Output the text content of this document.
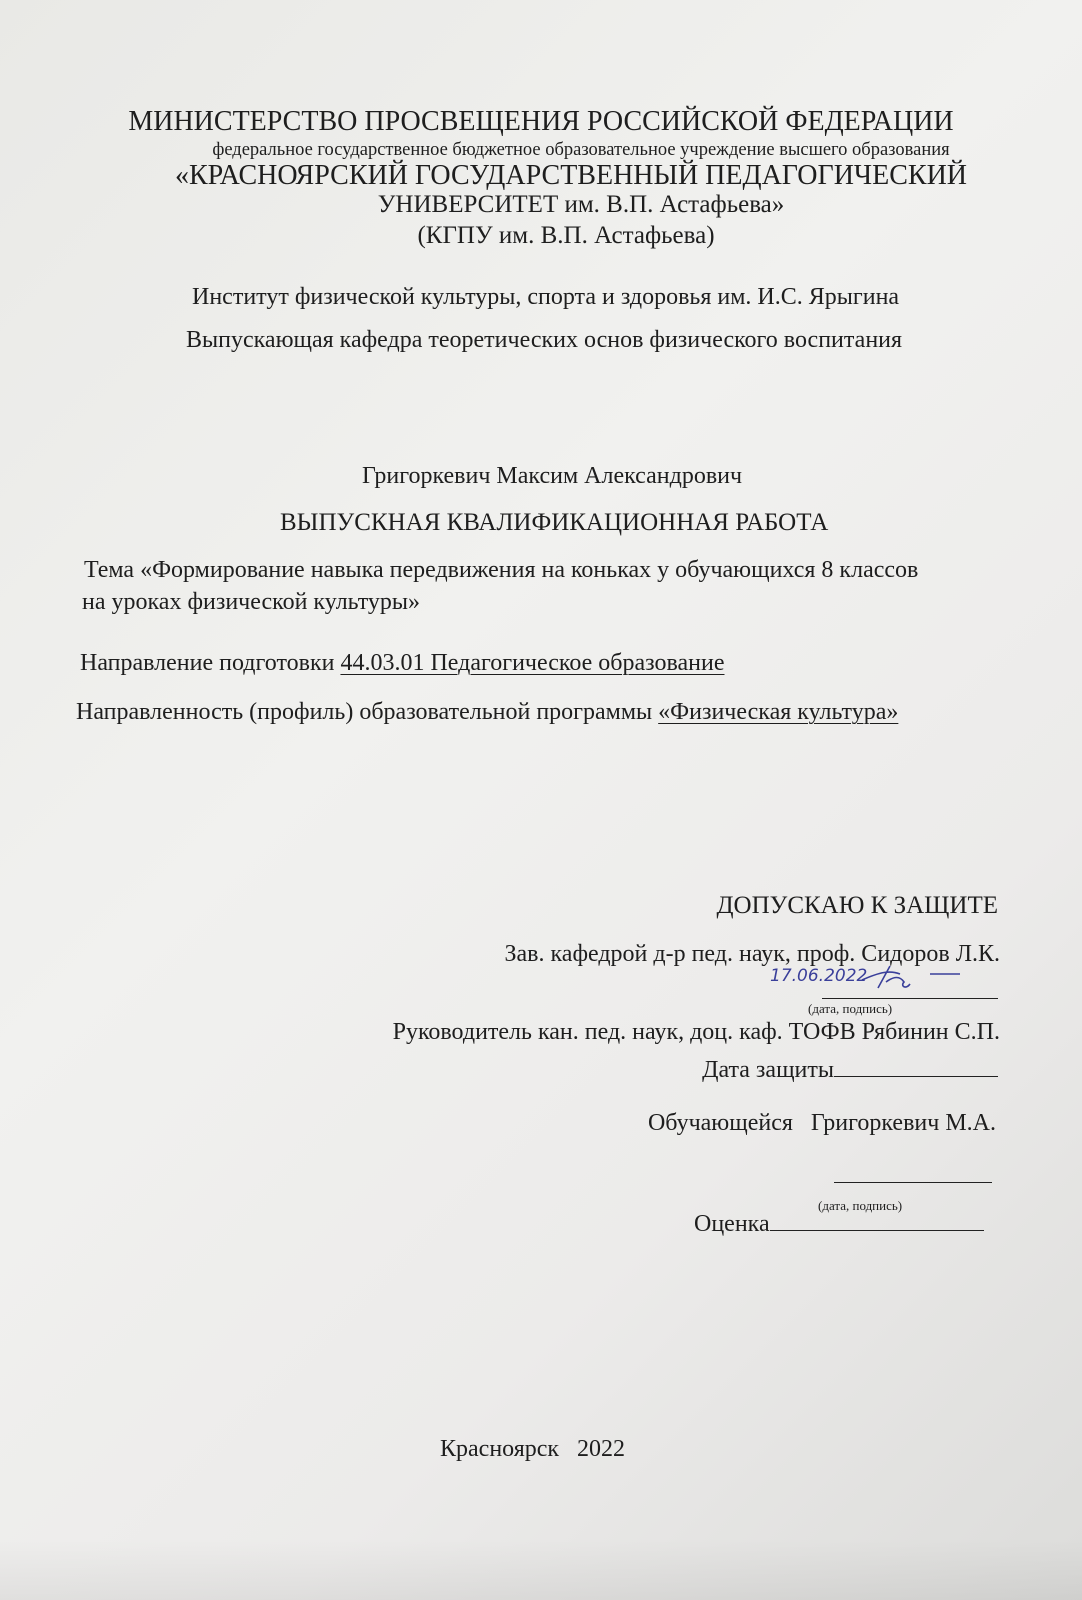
МИНИСТЕРСТВО ПРОСВЕЩЕНИЯ РОССИЙСКОЙ ФЕДЕРАЦИИ
федеральное государственное бюджетное образовательное учреждение высшего образования
«КРАСНОЯРСКИЙ ГОСУДАРСТВЕННЫЙ ПЕДАГОГИЧЕСКИЙ
УНИВЕРСИТЕТ им. В.П. Астафьева»
(КГПУ им. В.П. Астафьева)
Институт физической культуры, спорта и здоровья им. И.С. Ярыгина
Выпускающая кафедра теоретических основ физического воспитания
Григоркевич Максим Александрович
ВЫПУСКНАЯ КВАЛИФИКАЦИОННАЯ РАБОТА
Тема «Формирование навыка передвижения на коньках у обучающихся 8 классов
на уроках физической культуры»
Направление подготовки 44.03.01 Педагогическое образование
Направленность (профиль) образовательной программы «Физическая культура»
ДОПУСКАЮ К ЗАЩИТЕ
Зав. кафедрой д-р пед. наук, проф. Сидоров Л.К.
17.06.2022
(дата, подпись)
Руководитель кан. пед. наук, доц. каф. ТОФВ Рябинин С.П.
Дата защиты
Обучающейся Григоркевич М.А.
(дата, подпись)
Оценка
Красноярск   2022
